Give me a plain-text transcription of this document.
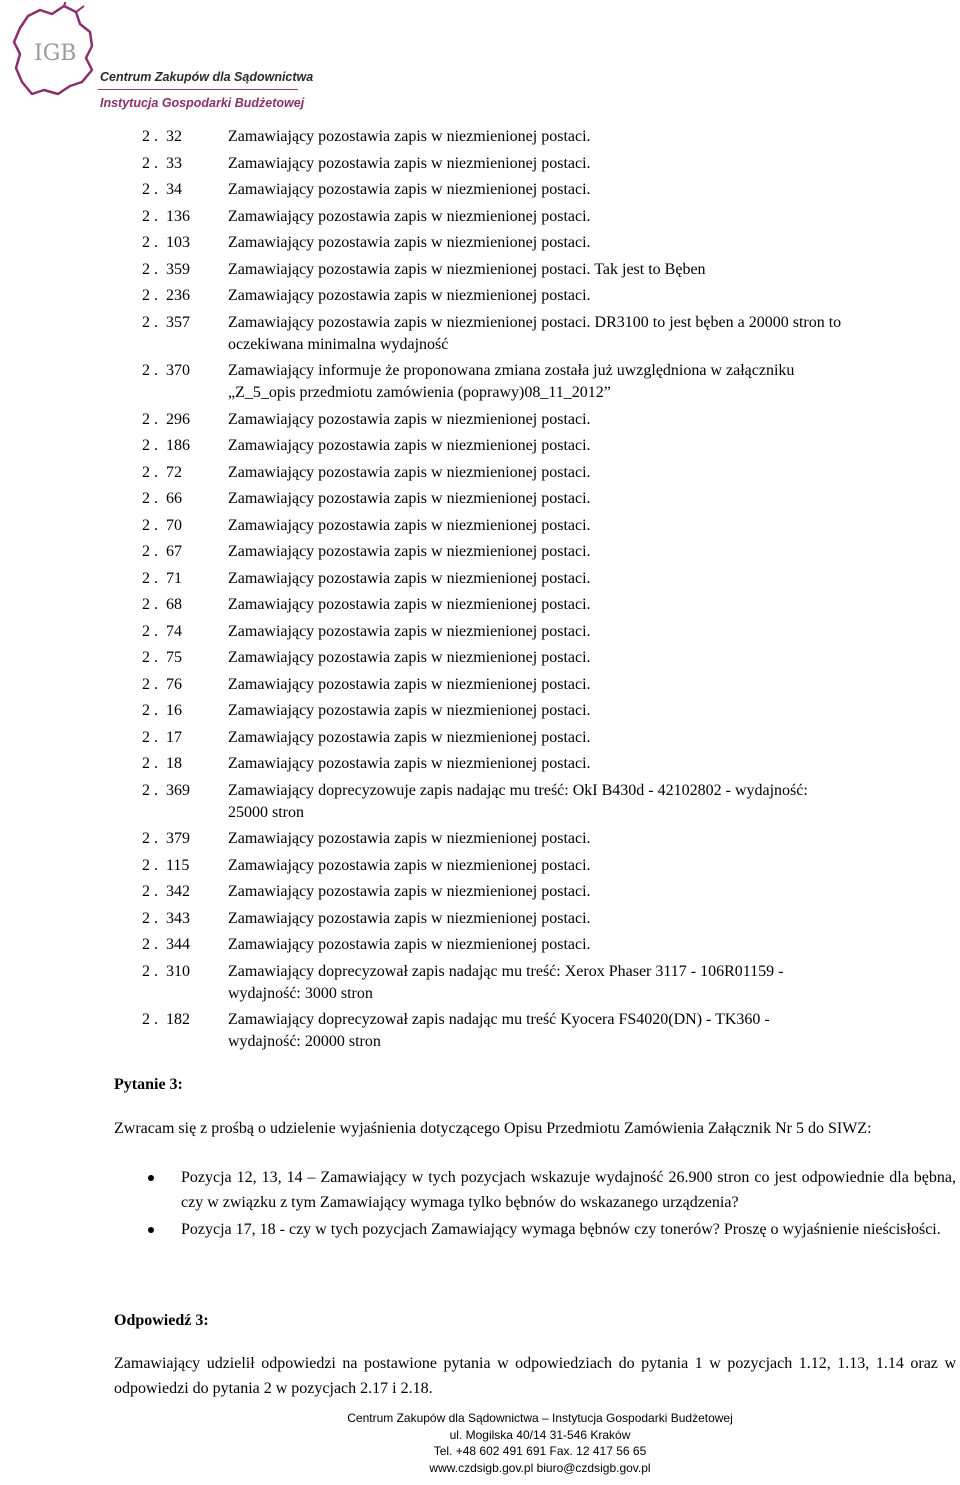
IGB
Centrum Zakupów dla Sądownictwa
Instytucja Gospodarki Budżetowej
2 .  32	Zamawiający pozostawia zapis w niezmienionej postaci.
2 .  33	Zamawiający pozostawia zapis w niezmienionej postaci.
2 .  34	Zamawiający pozostawia zapis w niezmienionej postaci.
2 .  136	Zamawiający pozostawia zapis w niezmienionej postaci.
2 .  103	Zamawiający pozostawia zapis w niezmienionej postaci.
2 .  359	Zamawiający pozostawia zapis w niezmienionej postaci. Tak jest to Bęben
2 .  236	Zamawiający pozostawia zapis w niezmienionej postaci.
2 .  357	Zamawiający pozostawia zapis w niezmienionej postaci. DR3100 to jest bęben a 20000 stron to oczekiwana minimalna wydajność
2 .  370	Zamawiający informuje że proponowana zmiana została już uwzględniona w załączniku „Z_5_opis przedmiotu zamówienia (poprawy)08_11_2012”
2 .  296	Zamawiający pozostawia zapis w niezmienionej postaci.
2 .  186	Zamawiający pozostawia zapis w niezmienionej postaci.
2 .  72	Zamawiający pozostawia zapis w niezmienionej postaci.
2 .  66	Zamawiający pozostawia zapis w niezmienionej postaci.
2 .  70	Zamawiający pozostawia zapis w niezmienionej postaci.
2 .  67	Zamawiający pozostawia zapis w niezmienionej postaci.
2 .  71	Zamawiający pozostawia zapis w niezmienionej postaci.
2 .  68	Zamawiający pozostawia zapis w niezmienionej postaci.
2 .  74	Zamawiający pozostawia zapis w niezmienionej postaci.
2 .  75	Zamawiający pozostawia zapis w niezmienionej postaci.
2 .  76	Zamawiający pozostawia zapis w niezmienionej postaci.
2 .  16	Zamawiający pozostawia zapis w niezmienionej postaci.
2 .  17	Zamawiający pozostawia zapis w niezmienionej postaci.
2 .  18	Zamawiający pozostawia zapis w niezmienionej postaci.
2 .  369	Zamawiający doprecyzowuje zapis nadając mu treść: OkI B430d - 42102802 - wydajność: 25000 stron
2 .  379	Zamawiający pozostawia zapis w niezmienionej postaci.
2 .  115	Zamawiający pozostawia zapis w niezmienionej postaci.
2 .  342	Zamawiający pozostawia zapis w niezmienionej postaci.
2 .  343	Zamawiający pozostawia zapis w niezmienionej postaci.
2 .  344	Zamawiający pozostawia zapis w niezmienionej postaci.
2 .  310	Zamawiający doprecyzował zapis nadając mu treść: Xerox Phaser 3117 - 106R01159 - wydajność: 3000 stron
2 .  182	Zamawiający doprecyzował zapis nadając mu treść Kyocera FS4020(DN) - TK360 - wydajność: 20000 stron
Pytanie 3:
Zwracam się z prośbą o udzielenie wyjaśnienia dotyczącego Opisu Przedmiotu Zamówienia Załącznik Nr 5 do SIWZ:
Pozycja 12, 13, 14 – Zamawiający w tych pozycjach wskazuje wydajność 26.900 stron co jest odpowiednie dla bębna, czy w związku z tym Zamawiający wymaga tylko bębnów do wskazanego urządzenia?
Pozycja 17, 18 - czy w tych pozycjach Zamawiający wymaga bębnów czy tonerów? Proszę o wyjaśnienie nieścisłości.
Odpowiedź 3:
Zamawiający udzielił odpowiedzi na postawione pytania w odpowiedziach do pytania 1 w pozycjach 1.12, 1.13, 1.14 oraz w odpowiedzi do pytania 2 w pozycjach 2.17 i 2.18.
Centrum Zakupów dla Sądownictwa – Instytucja Gospodarki Budżetowej
ul. Mogilska 40/14 31-546 Kraków
Tel. +48 602 491 691 Fax. 12 417 56 65
www.czdsigb.gov.pl biuro@czdsigb.gov.pl
